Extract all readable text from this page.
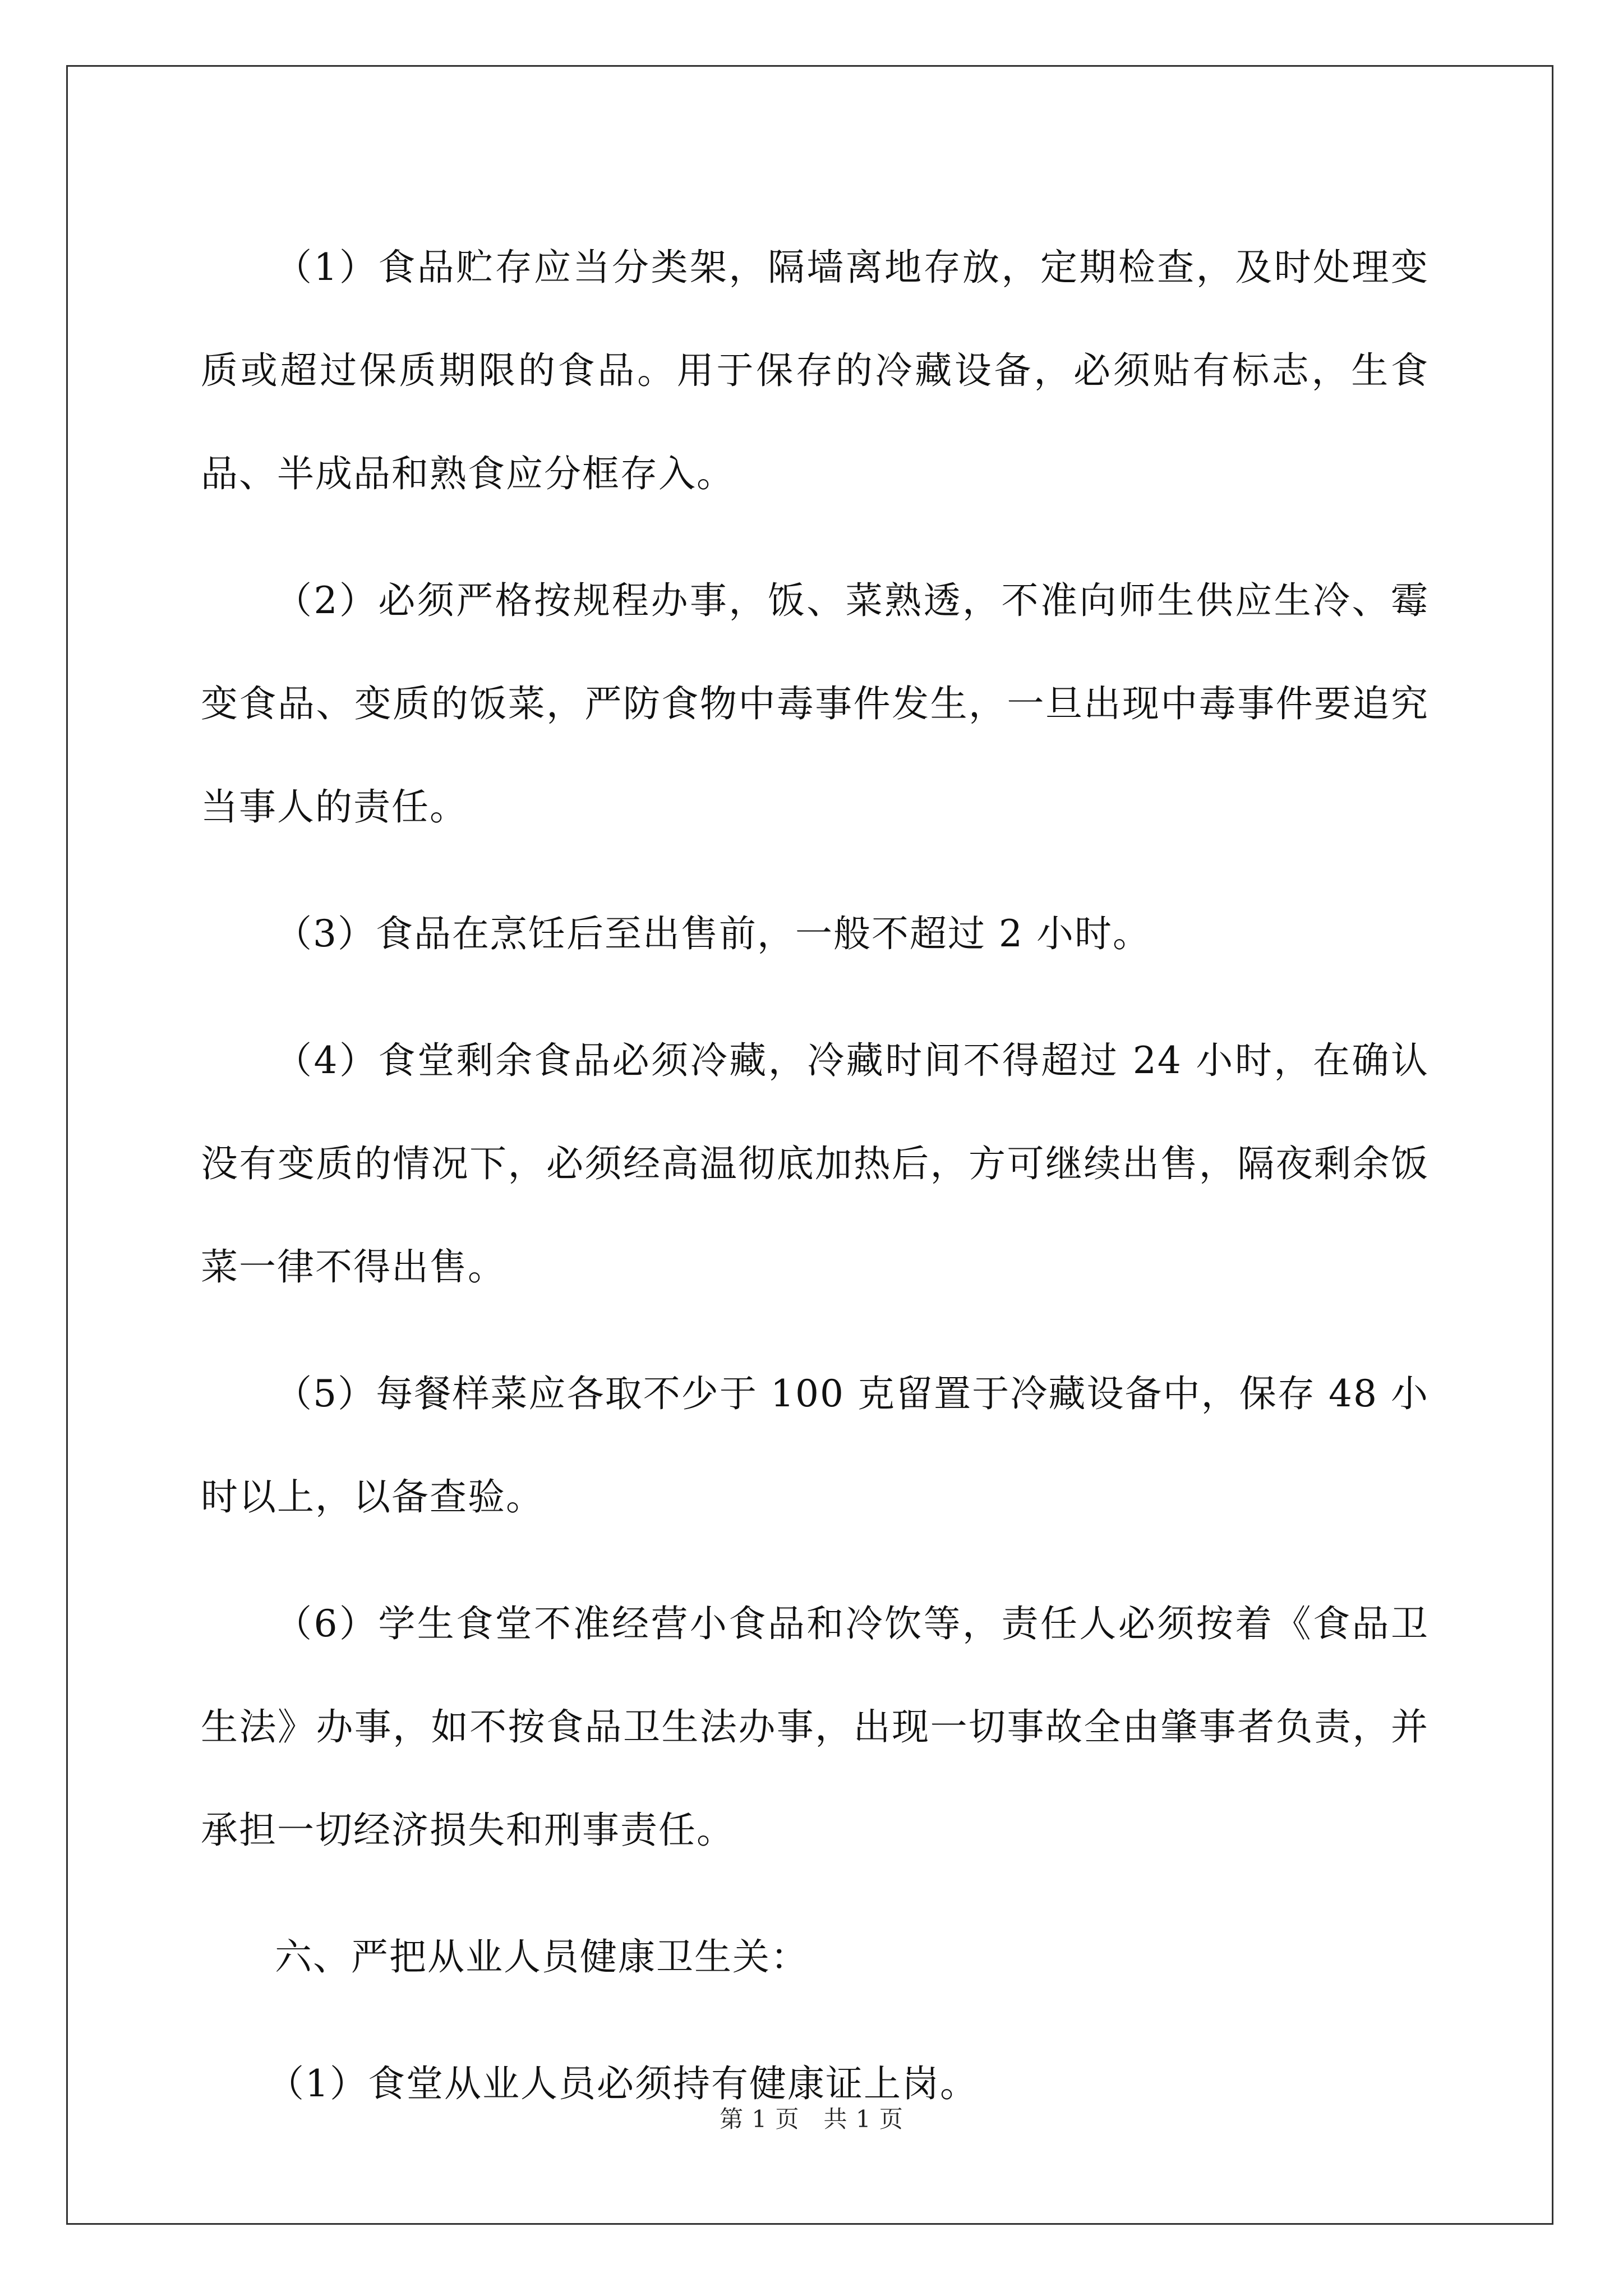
（1）食品贮存应当分类架，隔墙离地存放，定期检查，及时处理变质或超过保质期限的食品。用于保存的冷藏设备，必须贴有标志，生食品、半成品和熟食应分框存入。

（2）必须严格按规程办事，饭、菜熟透，不准向师生供应生冷、霉变食品、变质的饭菜，严防食物中毒事件发生，一旦出现中毒事件要追究当事人的责任。

（3）食品在烹饪后至出售前，一般不超过 2 小时。

（4）食堂剩余食品必须冷藏，冷藏时间不得超过 24 小时，在确认没有变质的情况下，必须经高温彻底加热后，方可继续出售，隔夜剩余饭菜一律不得出售。

（5）每餐样菜应各取不少于 100 克留置于冷藏设备中，保存 48 小时以上，以备查验。

（6）学生食堂不准经营小食品和冷饮等，责任人必须按着《食品卫生法》办事，如不按食品卫生法办事，出现一切事故全由肇事者负责，并承担一切经济损失和刑事责任。

六、严把从业人员健康卫生关：

（1）食堂从业人员必须持有健康证上岗。

第 1 页　共 1 页
